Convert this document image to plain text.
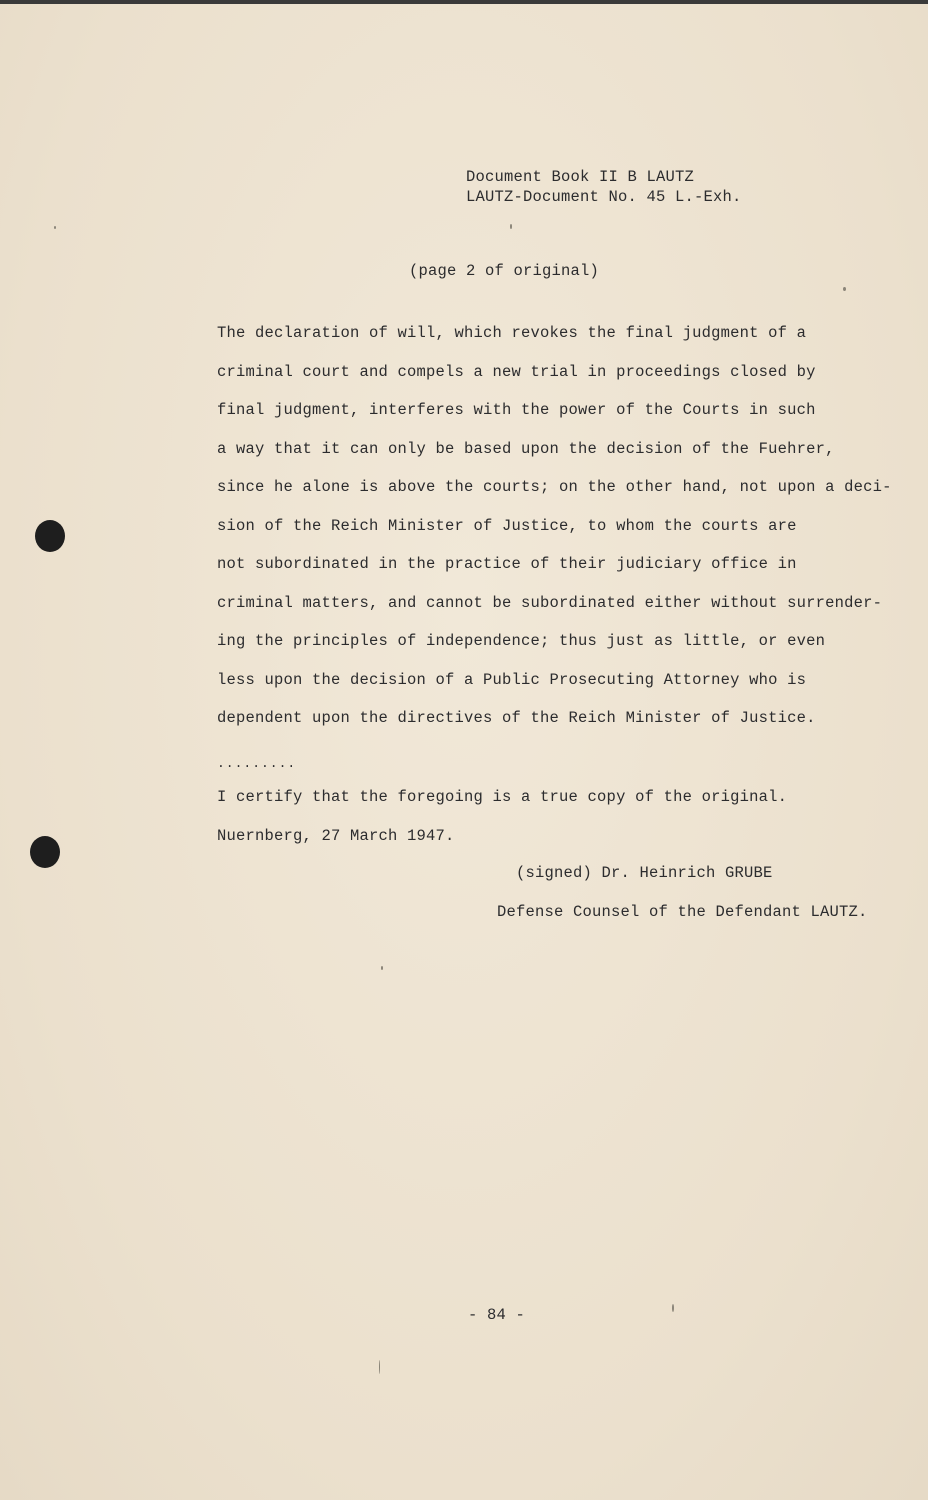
Document Book II B LAUTZ
LAUTZ-Document No. 45 L.-Exh.
(page 2 of original)
The declaration of will, which revokes the final judgment of a
criminal court and compels a new trial in proceedings closed by
final judgment, interferes with the power of the Courts in such
a way that it can only be based upon the decision of the Fuehrer,
since he alone is above the courts; on the other hand, not upon a deci-
sion of the Reich Minister of Justice, to whom the courts are
not subordinated in the practice of their judiciary office in
criminal matters, and cannot be subordinated either without surrender-
ing the principles of independence; thus just as little, or even
less upon the decision of a Public Prosecuting Attorney who is
dependent upon the directives of the Reich Minister of Justice.
.........
I certify that the foregoing is a true copy of the original.
Nuernberg, 27 March 1947.
(signed) Dr. Heinrich GRUBE
Defense Counsel of the Defendant LAUTZ.
- 84 -
